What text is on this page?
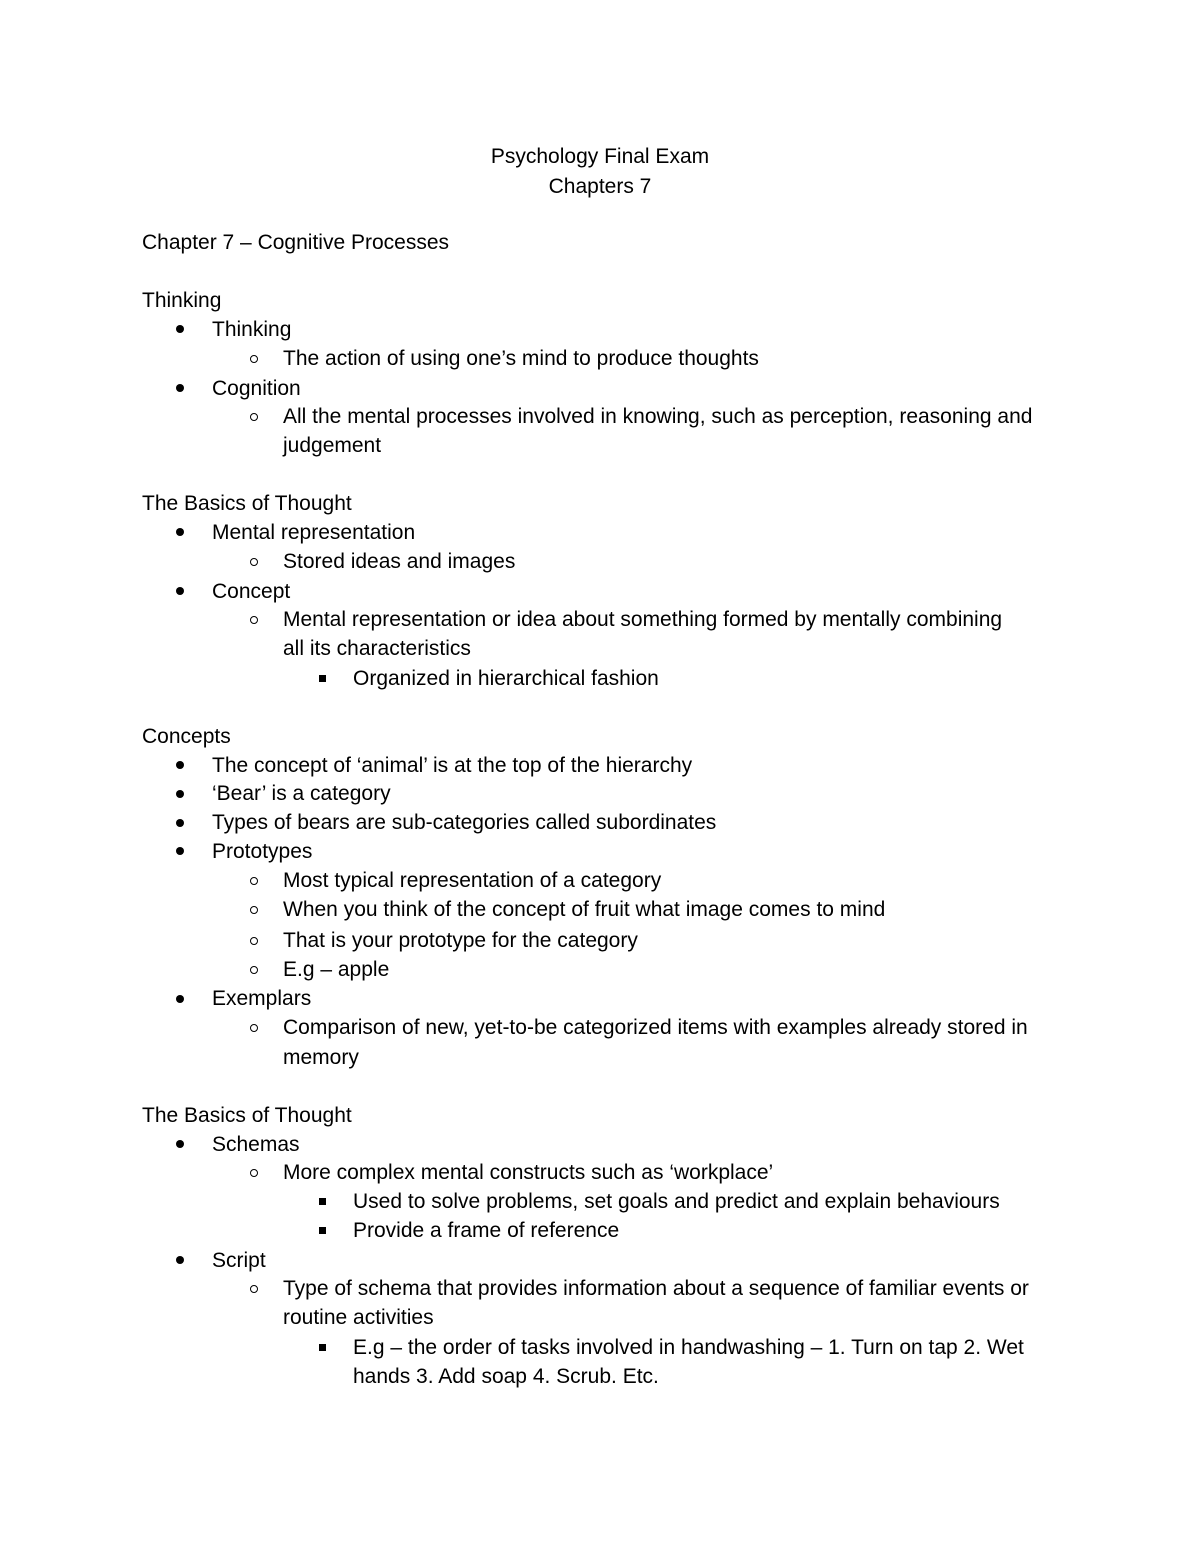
Psychology Final Exam
Chapters 7
Chapter 7 – Cognitive Processes
Thinking
Thinking
The action of using one’s mind to produce thoughts
Cognition
All the mental processes involved in knowing, such as perception, reasoning and
judgement
The Basics of Thought
Mental representation
Stored ideas and images
Concept
Mental representation or idea about something formed by mentally combining
all its characteristics
Organized in hierarchical fashion
Concepts
The concept of ‘animal’ is at the top of the hierarchy
‘Bear’ is a category
Types of bears are sub-categories called subordinates
Prototypes
Most typical representation of a category
When you think of the concept of fruit what image comes to mind
That is your prototype for the category
E.g – apple
Exemplars
Comparison of new, yet-to-be categorized items with examples already stored in
memory
The Basics of Thought
Schemas
More complex mental constructs such as ‘workplace’
Used to solve problems, set goals and predict and explain behaviours
Provide a frame of reference
Script
Type of schema that provides information about a sequence of familiar events or
routine activities
E.g – the order of tasks involved in handwashing – 1. Turn on tap 2. Wet
hands 3. Add soap 4. Scrub. Etc.
